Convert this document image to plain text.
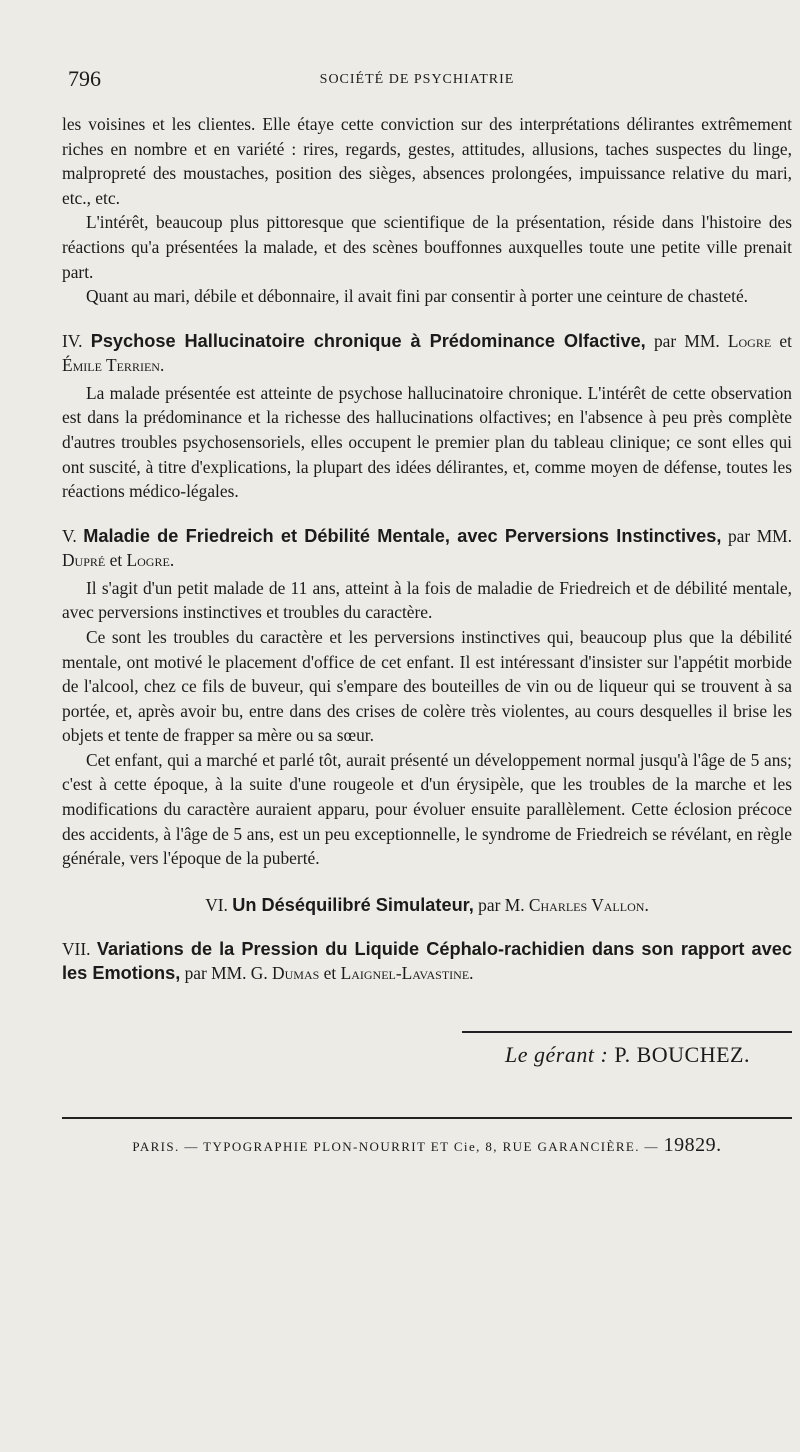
796	SOCIÉTÉ DE PSYCHIATRIE

les voisines et les clientes. Elle étaye cette conviction sur des interprétations délirantes extrêmement riches en nombre et en variété : rires, regards, gestes, attitudes, allusions, taches suspectes du linge, malpropreté des moustaches, position des sièges, absences prolongées, impuissance relative du mari, etc., etc.

L'intérêt, beaucoup plus pittoresque que scientifique de la présentation, réside dans l'histoire des réactions qu'a présentées la malade, et des scènes bouffonnes auxquelles toute une petite ville prenait part.

Quant au mari, débile et débonnaire, il avait fini par consentir à porter une ceinture de chasteté.

IV. Psychose Hallucinatoire chronique à Prédominance Olfactive, par MM. Logre et Émile Terrien.

La malade présentée est atteinte de psychose hallucinatoire chronique. L'intérêt de cette observation est dans la prédominance et la richesse des hallucinations olfactives; en l'absence à peu près complète d'autres troubles psychosensoriels, elles occupent le premier plan du tableau clinique; ce sont elles qui ont suscité, à titre d'explications, la plupart des idées délirantes, et, comme moyen de défense, toutes les réactions médico-légales.

V. Maladie de Friedreich et Débilité Mentale, avec Perversions Instinctives, par MM. Dupré et Logre.

Il s'agit d'un petit malade de 11 ans, atteint à la fois de maladie de Friedreich et de débilité mentale, avec perversions instinctives et troubles du caractère.

Ce sont les troubles du caractère et les perversions instinctives qui, beaucoup plus que la débilité mentale, ont motivé le placement d'office de cet enfant. Il est intéressant d'insister sur l'appétit morbide de l'alcool, chez ce fils de buveur, qui s'empare des bouteilles de vin ou de liqueur qui se trouvent à sa portée, et, après avoir bu, entre dans des crises de colère très violentes, au cours desquelles il brise les objets et tente de frapper sa mère ou sa sœur.

Cet enfant, qui a marché et parlé tôt, aurait présenté un développement normal jusqu'à l'âge de 5 ans; c'est à cette époque, à la suite d'une rougeole et d'un érysipèle, que les troubles de la marche et les modifications du caractère auraient apparu, pour évoluer ensuite parallèlement. Cette éclosion précoce des accidents, à l'âge de 5 ans, est un peu exceptionnelle, le syndrome de Friedreich se révélant, en règle générale, vers l'époque de la puberté.

VI. Un Déséquilibré Simulateur, par M. Charles Vallon.
VII. Variations de la Pression du Liquide Céphalo-rachidien dans son rapport avec les Emotions, par MM. G. Dumas et Laignel-Lavastine.
Le gérant : P. BOUCHEZ.
PARIS. — TYPOGRAPHIE PLON-NOURRIT ET Cie, 8, RUE GARANCIÈRE. — 19829.
